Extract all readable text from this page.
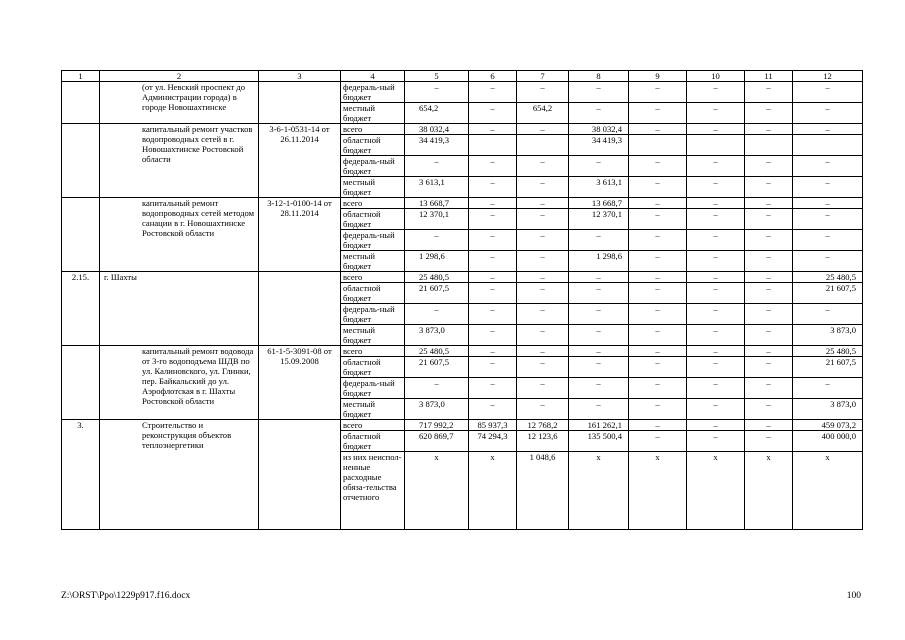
1	2	3	4	5	6	7	8	9	10	11	12
	(от ул. Невский проспект до Администрации города) в городе Новошахтинске		федераль-ный бюджет	–	–	–	–	–	–	–	–
			местный бюджет	654,2	–	654,2	–	–	–	–	–
	капитальный ремонт участков водопроводных сетей в г. Новошахтинске Ростовской области	3-6-1-0531-14 от 26.11.2014	всего	38 032,4	–	–	38 032,4	–	–	–	–
			областной бюджет	34 419,3			34 419,3				
			федераль-ный бюджет	–	–	–	–	–	–	–	–
			местный бюджет	3 613,1	–	–	3 613,1	–	–	–	–
	капитальный ремонт водопроводных сетей методом санации в г. Новошахтинске Ростовской области	3-12-1-0100-14 от 28.11.2014	всего	13 668,7	–	–	13 668,7	–	–	–	–
			областной бюджет	12 370,1	–	–	12 370,1	–	–	–	–
			федераль-ный бюджет	–	–	–	–	–	–	–	–
			местный бюджет	1 298,6	–	–	1 298,6	–	–	–	–
2.15.	г. Шахты		всего	25 480,5	–	–	–	–	–	–	25 480,5
			областной бюджет	21 607,5	–	–	–	–	–	–	21 607,5
			федераль-ный бюджет	–	–	–	–	–	–	–	–
			местный бюджет	3 873,0	–	–	–	–	–	–	3 873,0
	капитальный ремонт водовода от 3-го водоподъема ШДВ по ул. Калиновского, ул. Глинки, пер. Байкальский до ул. Аэрофлотская в г. Шахты Ростовской области	61-1-5-3091-08 от 15.09.2008	всего	25 480,5	–	–	–	–	–	–	25 480,5
			областной бюджет	21 607,5	–	–	–	–	–	–	21 607,5
			федераль-ный бюджет	–	–	–	–	–	–	–	–
			местный бюджет	3 873,0	–	–	–	–	–	–	3 873,0
3.	Строительство и реконструкция объектов теплоэнергетики		всего	717 992,2	85 937,3	12 768,2	161 262,1	–	–	–	459 073,2
			областной бюджет	620 869,7	74 294,3	12 123,6	135 500,4	–	–	–	400 000,0
			из них неиспол-ненные расходные обяза-тельства отчетного	х	х	1 048,6	х	х	х	х	х
Z:\ORST\Ppo\1229p917.f16.docx	100
